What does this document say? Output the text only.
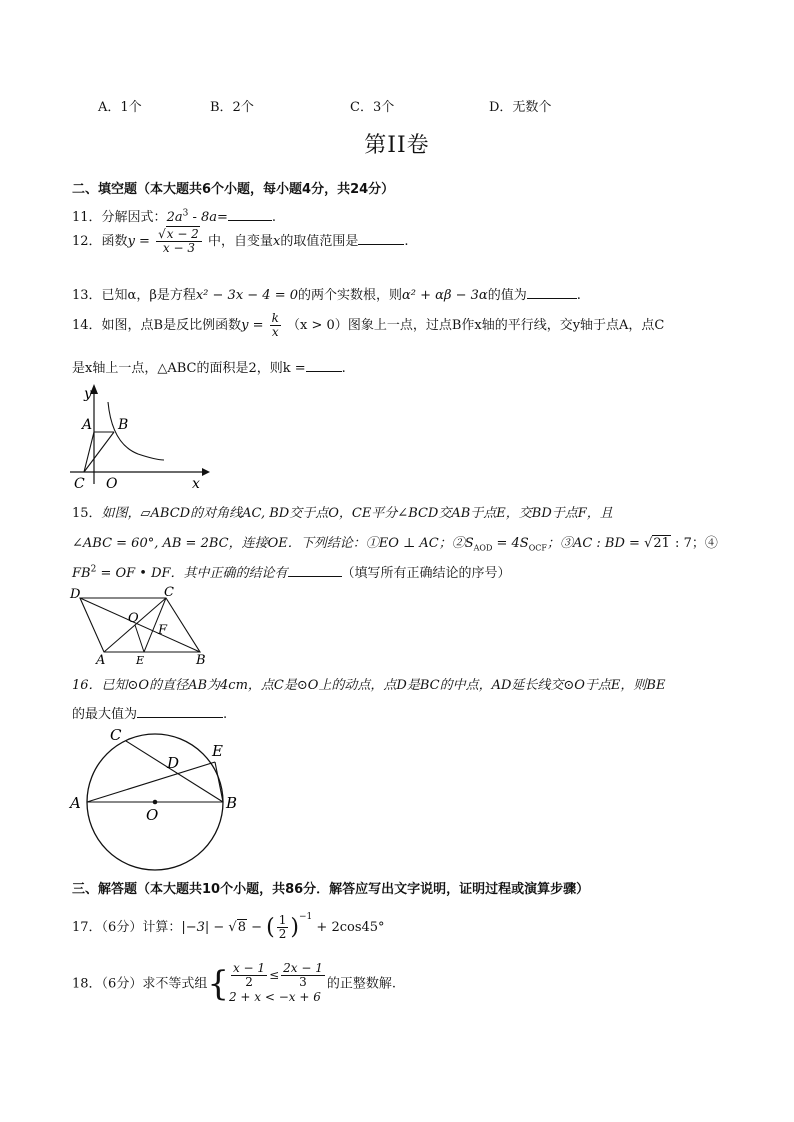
A．1个	B．2个	C．3个	D．无数个
第II卷
二、填空题（本大题共6个小题，每小题4分，共24分）
11．分解因式：$2a^3 - 8a=$	.
12．函数$y = \frac{√x - 2}{x - 3}$ 中，自变量x的取值范围是	.
13．已知α，β是方程x² − 3x − 4 = 0的两个实数根，则α² + αβ − 3α的值为	.
14．如图，点B是反比例函数$y = \frac{k}{x} (x > 0)$图象上一点，过点B作x轴的平行线，交y轴于点A，点C
是x轴上一点，△ABC的面积是2，则k =	.
y
A B
C O	x
15．如图，▱ABCD的对角线AC, BD交于点O，CE平分∠BCD交AB于点E，交BD于点F，且
∠ABC = 60°, AB = 2BC，连接OE．下列结论：①EO ⊥ AC；$②S_{AOD} = 4S_{OCF}$；③AC : BD = √21 : 7；④
$FB^2$ = OF • DF．其中正确的结论有	（填写所有正确结论的序号）
D	C
O
F
A	E	B
16．已知⊙O的直径AB为4cm，点C是⊙O上的动点，点D是BC的中点，AD延长线交⊙O于点E，则BE
的最大值为	.
C
E
D
A	B
O
三、解答题（本大题共10个小题，共86分．解答应写出文字说明，证明过程或演算步骤）
17．（6分）计算：|−3| − √8 − ( $\frac{1}{2} )^{-1} + 2\cos 45^\circ$
18．（6分）求不等式组{ $\frac{x - 1}{2} \le \frac{2x - 1}{3}$
2 + x < −x + 6
的正整数解.
